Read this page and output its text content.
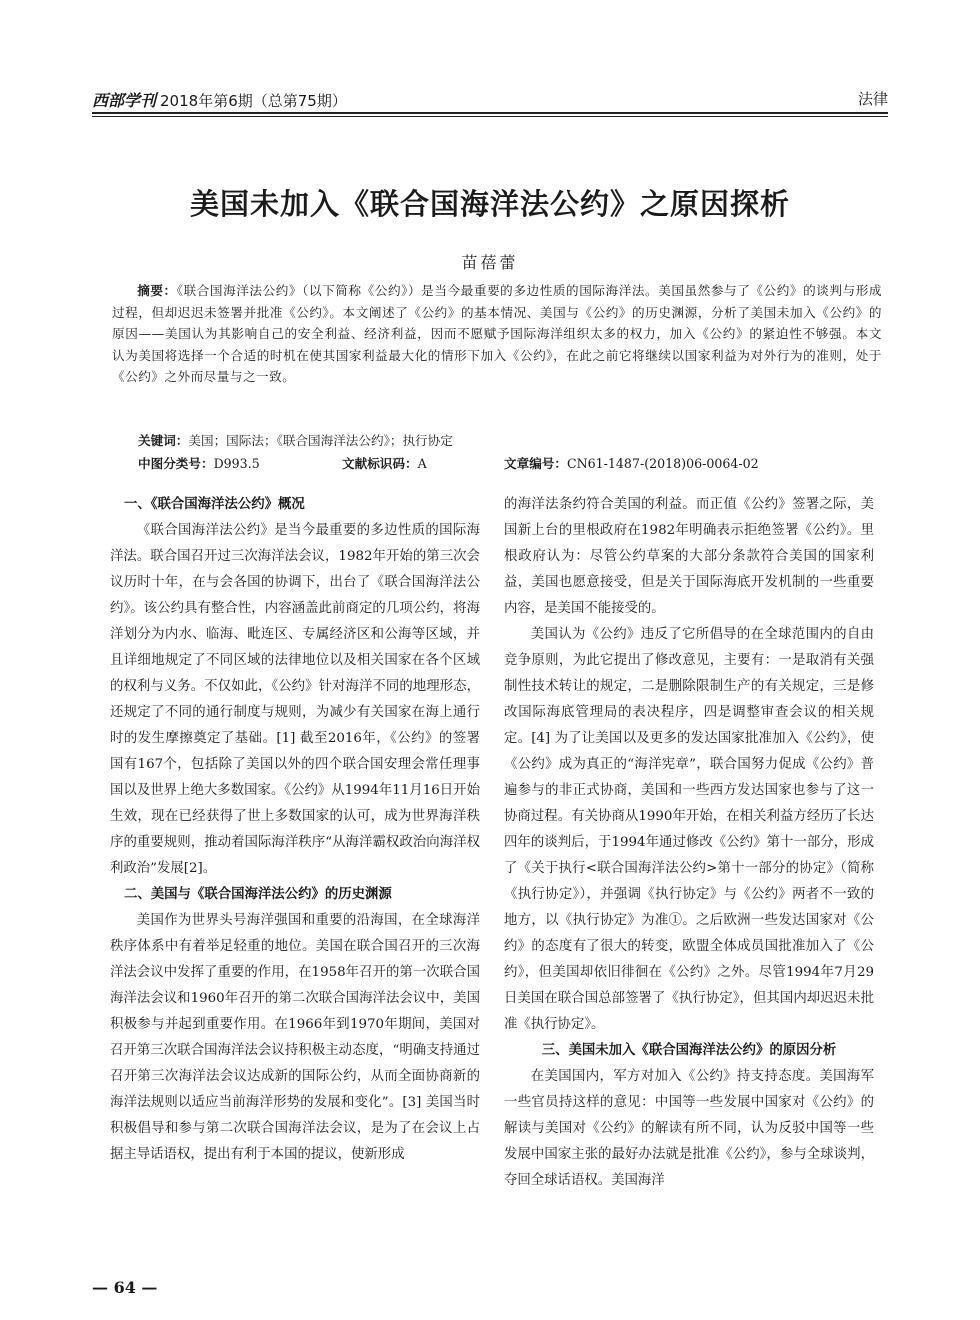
西部学刊 2018年第6期（总第75期）	法律
美国未加入《联合国海洋法公约》之原因探析
苗蓓蕾
摘要：《联合国海洋法公约》（以下简称《公约》）是当今最重要的多边性质的国际海洋法。美国虽然参与了《公约》的谈判与形成过程，但却迟迟未签署并批准《公约》。本文阐述了《公约》的基本情况、美国与《公约》的历史渊源，分析了美国未加入《公约》的原因——美国认为其影响自己的安全利益、经济利益，因而不愿赋予国际海洋组织太多的权力，加入《公约》的紧迫性不够强。本文认为美国将选择一个合适的时机在使其国家利益最大化的情形下加入《公约》，在此之前它将继续以国家利益为对外行为的准则，处于《公约》之外而尽量与之一致。
关键词：美国；国际法；《联合国海洋法公约》；执行协定
中图分类号：D993.5	文献标识码：A	文章编号：CN61-1487-(2018)06-0064-02
一、《联合国海洋法公约》概况

《联合国海洋法公约》是当今最重要的多边性质的国际海洋法。联合国召开过三次海洋法会议，1982年开始的第三次会议历时十年，在与会各国的协调下，出台了《联合国海洋法公约》。该公约具有整合性，内容涵盖此前商定的几项公约，将海洋划分为内水、临海、毗连区、专属经济区和公海等区域，并且详细地规定了不同区域的法律地位以及相关国家在各个区域的权利与义务。不仅如此，《公约》针对海洋不同的地理形态，还规定了不同的通行制度与规则，为减少有关国家在海上通行时的发生摩擦奠定了基础。[1] 截至2016年，《公约》的签署国有167个，包括除了美国以外的四个联合国安理会常任理事国以及世界上绝大多数国家。《公约》从1994年11月16日开始生效，现在已经获得了世上多数国家的认可，成为世界海洋秩序的重要规则，推动着国际海洋秩序“从海洋霸权政治向海洋权利政治”发展[2]。

二、美国与《联合国海洋法公约》的历史渊源

美国作为世界头号海洋强国和重要的沿海国，在全球海洋秩序体系中有着举足轻重的地位。美国在联合国召开的三次海洋法会议中发挥了重要的作用，在1958年召开的第一次联合国海洋法会议和1960年召开的第二次联合国海洋法会议中，美国积极参与并起到重要作用。在1966年到1970年期间，美国对召开第三次联合国海洋法会议持积极主动态度，“明确支持通过召开第三次海洋法会议达成新的国际公约，从而全面协商新的海洋法规则以适应当前海洋形势的发展和变化”。[3] 美国当时积极倡导和参与第二次联合国海洋法会议，是为了在会议上占据主导话语权，提出有利于本国的提议，使新形成

的海洋法条约符合美国的利益。而正值《公约》签署之际，美国新上台的里根政府在1982年明确表示拒绝签署《公约》。里根政府认为：尽管公约草案的大部分条款符合美国的国家利益，美国也愿意接受，但是关于国际海底开发机制的一些重要内容，是美国不能接受的。

美国认为《公约》违反了它所倡导的在全球范围内的自由竞争原则，为此它提出了修改意见，主要有：一是取消有关强制性技术转让的规定，二是删除限制生产的有关规定，三是修改国际海底管理局的表决程序，四是调整审查会议的相关规定。[4] 为了让美国以及更多的发达国家批准加入《公约》，使《公约》成为真正的“海洋宪章”，联合国努力促成《公约》普遍参与的非正式协商，美国和一些西方发达国家也参与了这一协商过程。有关协商从1990年开始，在相关利益方经历了长达四年的谈判后，于1994年通过修改《公约》第十一部分，形成了《关于执行<联合国海洋法公约>第十一部分的协定》（简称《执行协定》），并强调《执行协定》与《公约》两者不一致的地方，以《执行协定》为准①。之后欧洲一些发达国家对《公约》的态度有了很大的转变，欧盟全体成员国批准加入了《公约》，但美国却依旧徘徊在《公约》之外。尽管1994年7月29日美国在联合国总部签署了《执行协定》，但其国内却迟迟未批准《执行协定》。

三、美国未加入《联合国海洋法公约》的原因分析

在美国国内，军方对加入《公约》持支持态度。美国海军一些官员持这样的意见：中国等一些发展中国家对《公约》的解读与美国对《公约》的解读有所不同，认为反驳中国等一些发展中国家主张的最好办法就是批准《公约》，参与全球谈判，夺回全球话语权。美国海洋

— 64 —
